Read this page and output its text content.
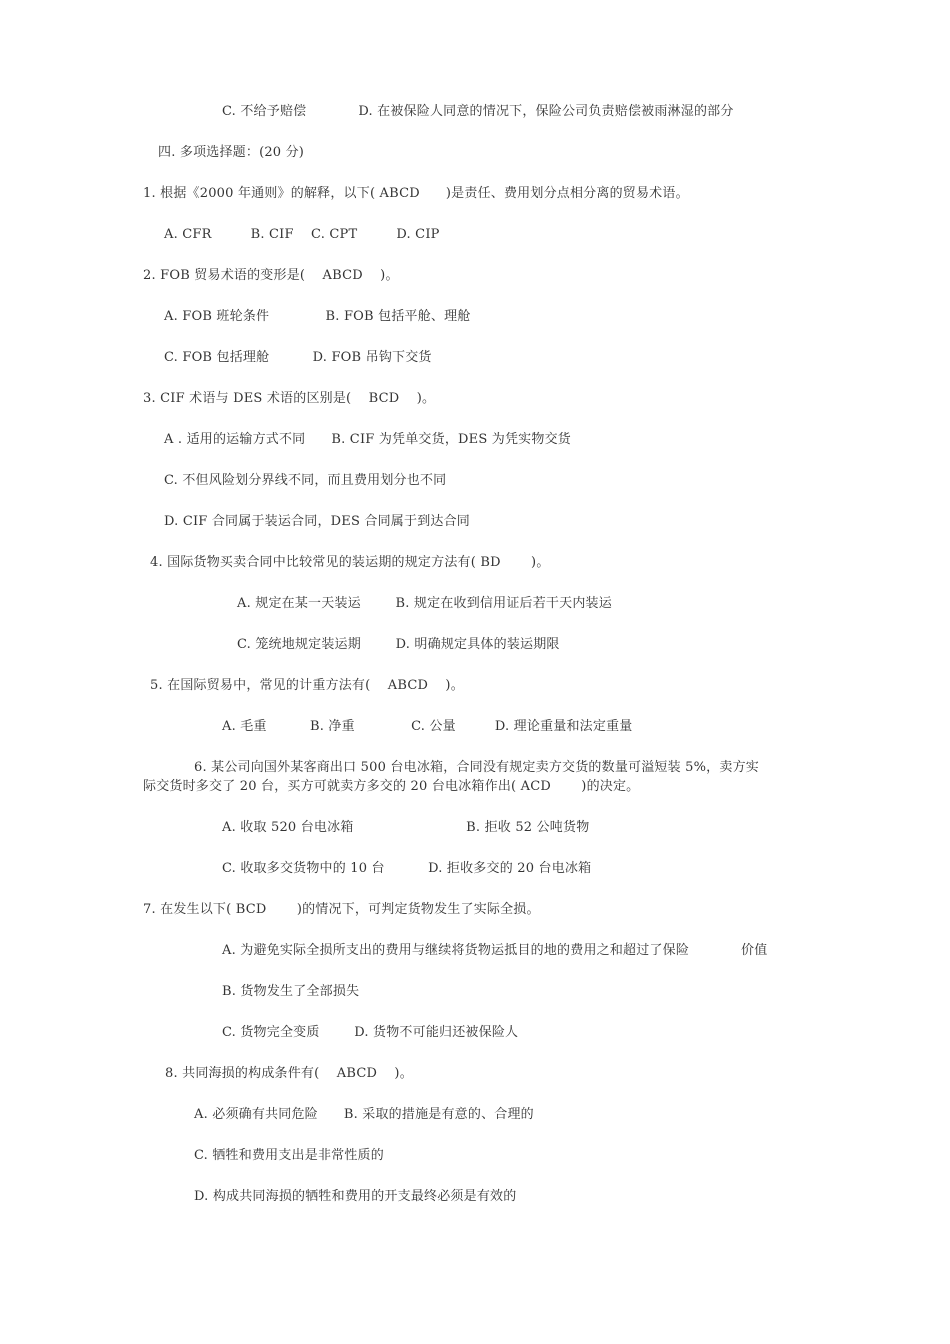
C. 不给予赔偿            D. 在被保险人同意的情况下，保险公司负责赔偿被雨淋湿的部分
四. 多项选择题：(20 分)
1. 根据《2000 年通则》的解释，以下( ABCD      )是责任、费用划分点相分离的贸易术语。
A. CFR         B. CIF    C. CPT         D. CIP
2. FOB 贸易术语的变形是(    ABCD    )。
A. FOB 班轮条件             B. FOB 包括平舱、理舱
C. FOB 包括理舱          D. FOB 吊钩下交货
3. CIF 术语与 DES 术语的区别是(    BCD    )。
A . 适用的运输方式不同      B. CIF 为凭单交货，DES 为凭实物交货
C. 不但风险划分界线不同，而且费用划分也不同
D. CIF 合同属于装运合同，DES 合同属于到达合同
4. 国际货物买卖合同中比较常见的装运期的规定方法有( BD       )。
A. 规定在某一天装运        B. 规定在收到信用证后若干天内装运
C. 笼统地规定装运期        D. 明确规定具体的装运期限
5. 在国际贸易中，常见的计重方法有(    ABCD    )。
A. 毛重          B. 净重             C. 公量         D. 理论重量和法定重量
6. 某公司向国外某客商出口 500 台电冰箱，合同没有规定卖方交货的数量可溢短装 5%，卖方实
际交货时多交了 20 台，买方可就卖方多交的 20 台电冰箱作出( ACD       )的决定。
A. 收取 520 台电冰箱                          B. 拒收 52 公吨货物
C. 收取多交货物中的 10 台          D. 拒收多交的 20 台电冰箱
7. 在发生以下( BCD       )的情况下，可判定货物发生了实际全损。
A. 为避免实际全损所支出的费用与继续将货物运抵目的地的费用之和超过了保险            价值
B. 货物发生了全部损失
C. 货物完全变质        D. 货物不可能归还被保险人
8. 共同海损的构成条件有(    ABCD    )。
A. 必须确有共同危险      B. 采取的措施是有意的、合理的
C. 牺牲和费用支出是非常性质的
D. 构成共同海损的牺牲和费用的开支最终必须是有效的
